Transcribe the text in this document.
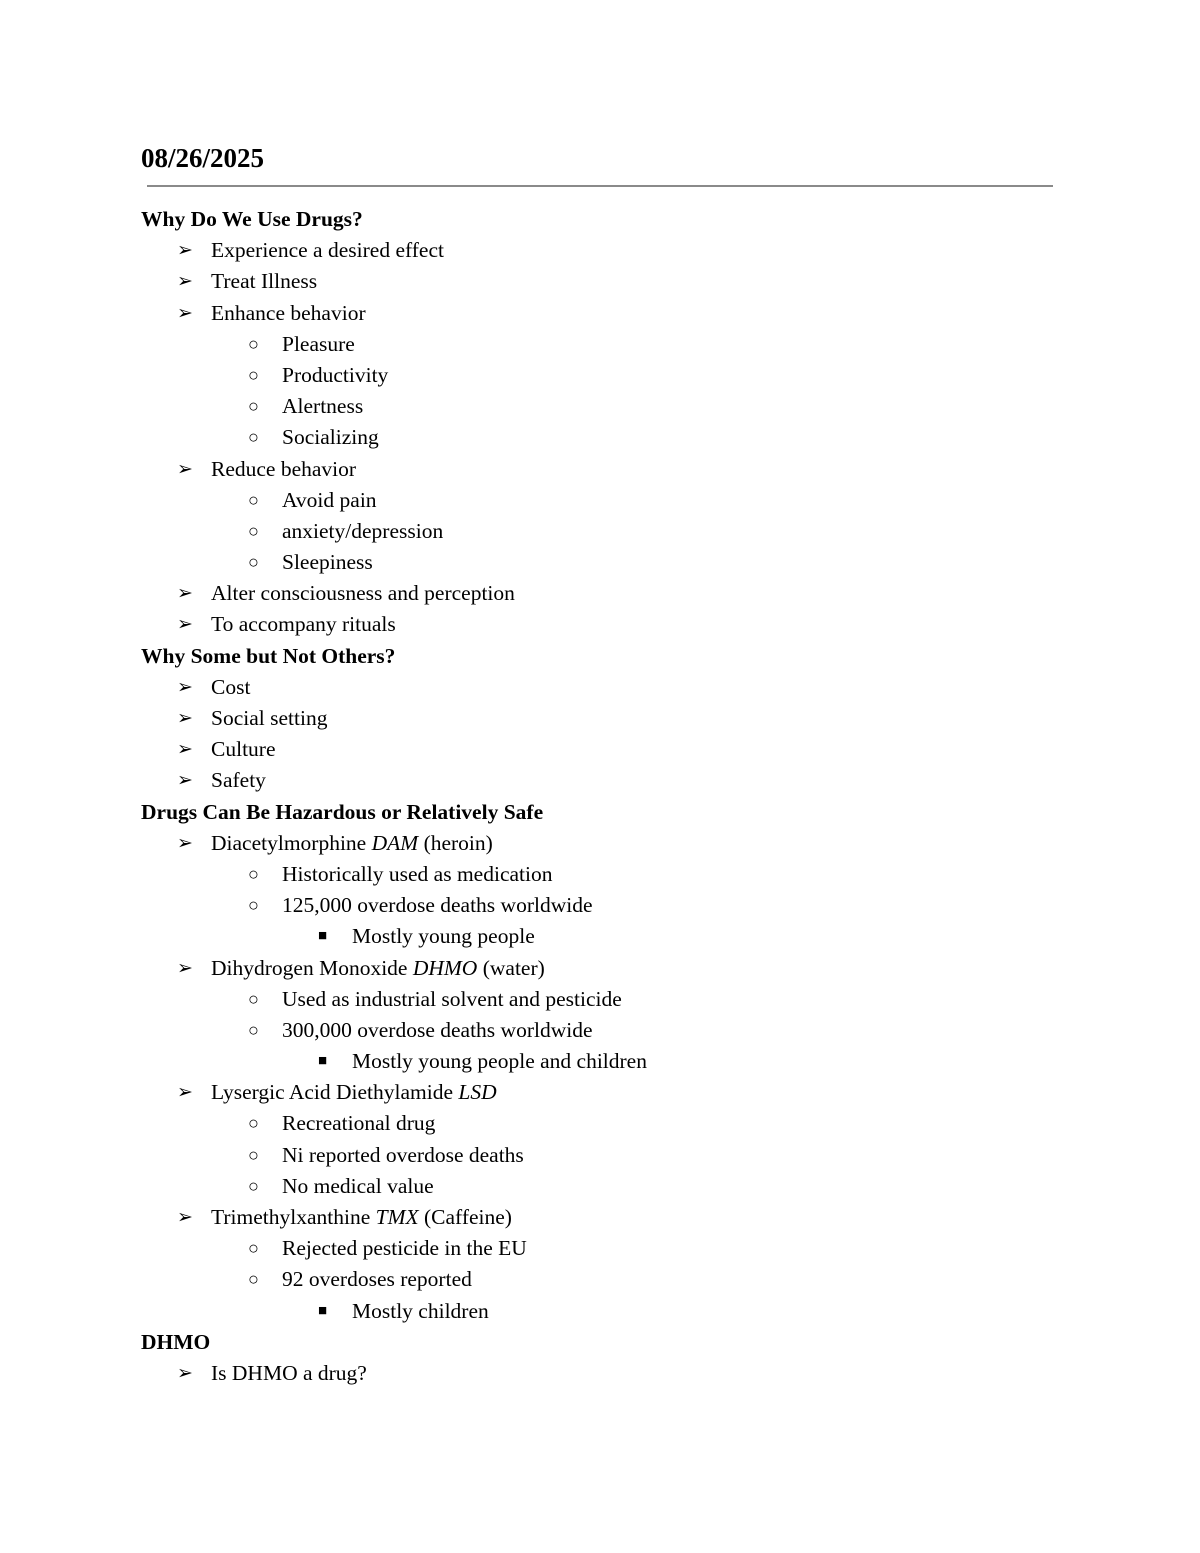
08/26/2025
Why Do We Use Drugs?
➢ Experience a desired effect
➢ Treat Illness
➢ Enhance behavior
○ Pleasure
○ Productivity
○ Alertness
○ Socializing
➢ Reduce behavior
○ Avoid pain
○ anxiety/depression
○ Sleepiness
➢ Alter consciousness and perception
➢ To accompany rituals
Why Some but Not Others?
➢ Cost
➢ Social setting
➢ Culture
➢ Safety
Drugs Can Be Hazardous or Relatively Safe
➢ Diacetylmorphine DAM (heroin)
○ Historically used as medication
○ 125,000 overdose deaths worldwide
■ Mostly young people
➢ Dihydrogen Monoxide DHMO (water)
○ Used as industrial solvent and pesticide
○ 300,000 overdose deaths worldwide
■ Mostly young people and children
➢ Lysergic Acid Diethylamide LSD
○ Recreational drug
○ Ni reported overdose deaths
○ No medical value
➢ Trimethylxanthine TMX (Caffeine)
○ Rejected pesticide in the EU
○ 92 overdoses reported
■ Mostly children
DHMO
➢ Is DHMO a drug?
